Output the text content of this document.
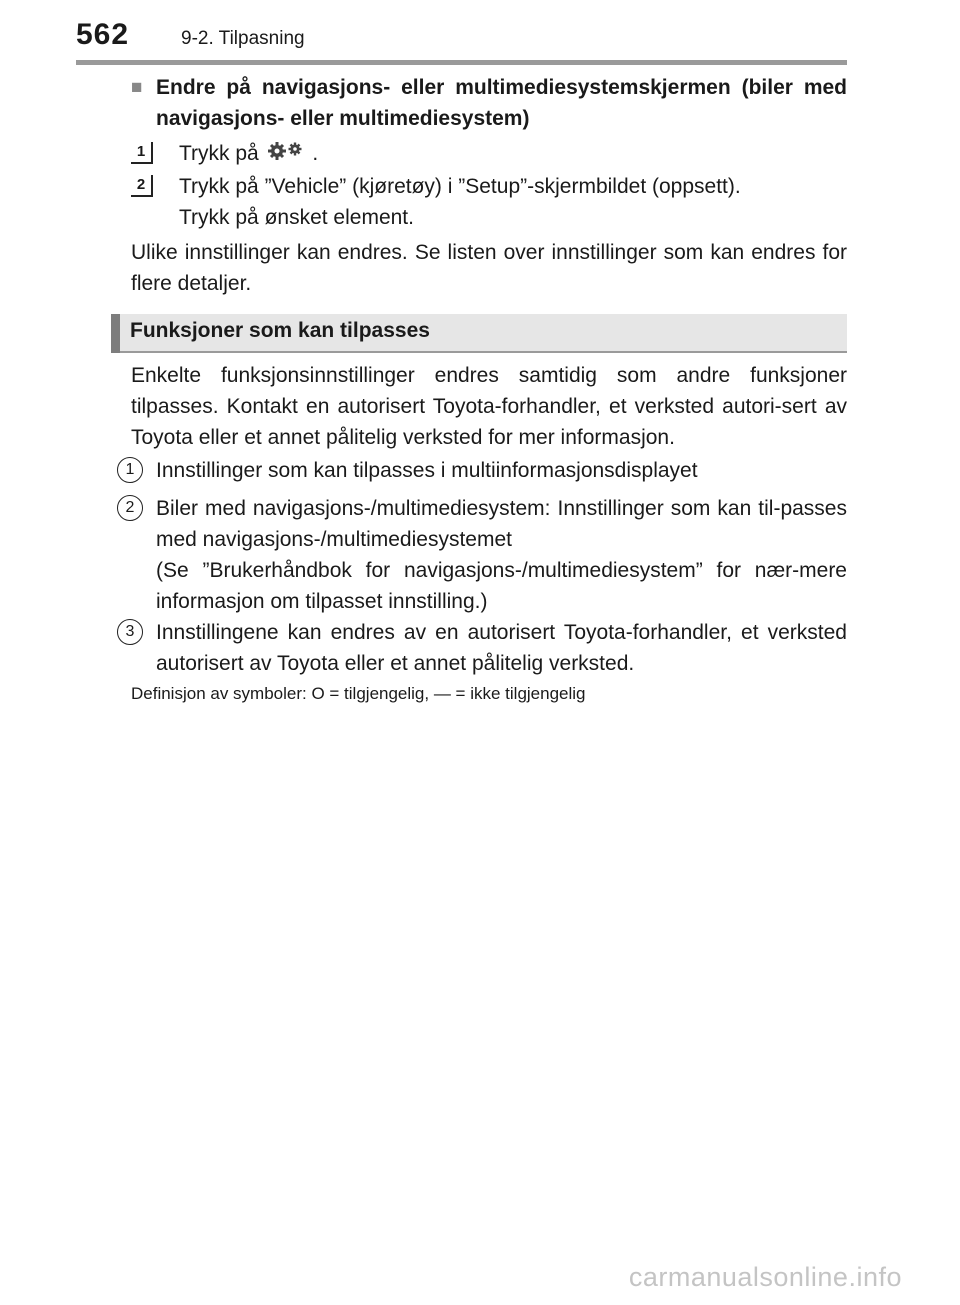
562	9-2. Tilpasning
■ Endre på navigasjons- eller multimediesystemskjermen (biler med navigasjons- eller multimediesystem)
1	Trykk på	.
2	Trykk på ”Vehicle” (kjøretøy) i ”Setup”-skjermbildet (oppsett).
Trykk på ønsket element.
Ulike innstillinger kan endres. Se listen over innstillinger som kan endres for flere detaljer.
Funksjoner som kan tilpasses
Enkelte funksjonsinnstillinger endres samtidig som andre funksjoner tilpasses. Kontakt en autorisert Toyota-forhandler, et verksted autori-sert av Toyota eller et annet pålitelig verksted for mer informasjon.
1	Innstillinger som kan tilpasses i multiinformasjonsdisplayet
2	Biler med navigasjons-/multimediesystem: Innstillinger som kan til-passes med navigasjons-/multimediesystemet
(Se ”Brukerhåndbok for navigasjons-/multimediesystem” for nær-mere informasjon om tilpasset innstilling.)
3	Innstillingene kan endres av en autorisert Toyota-forhandler, et verksted autorisert av Toyota eller et annet pålitelig verksted.
Definisjon av symboler: O = tilgjengelig, — = ikke tilgjengelig
carmanualsonline.info
